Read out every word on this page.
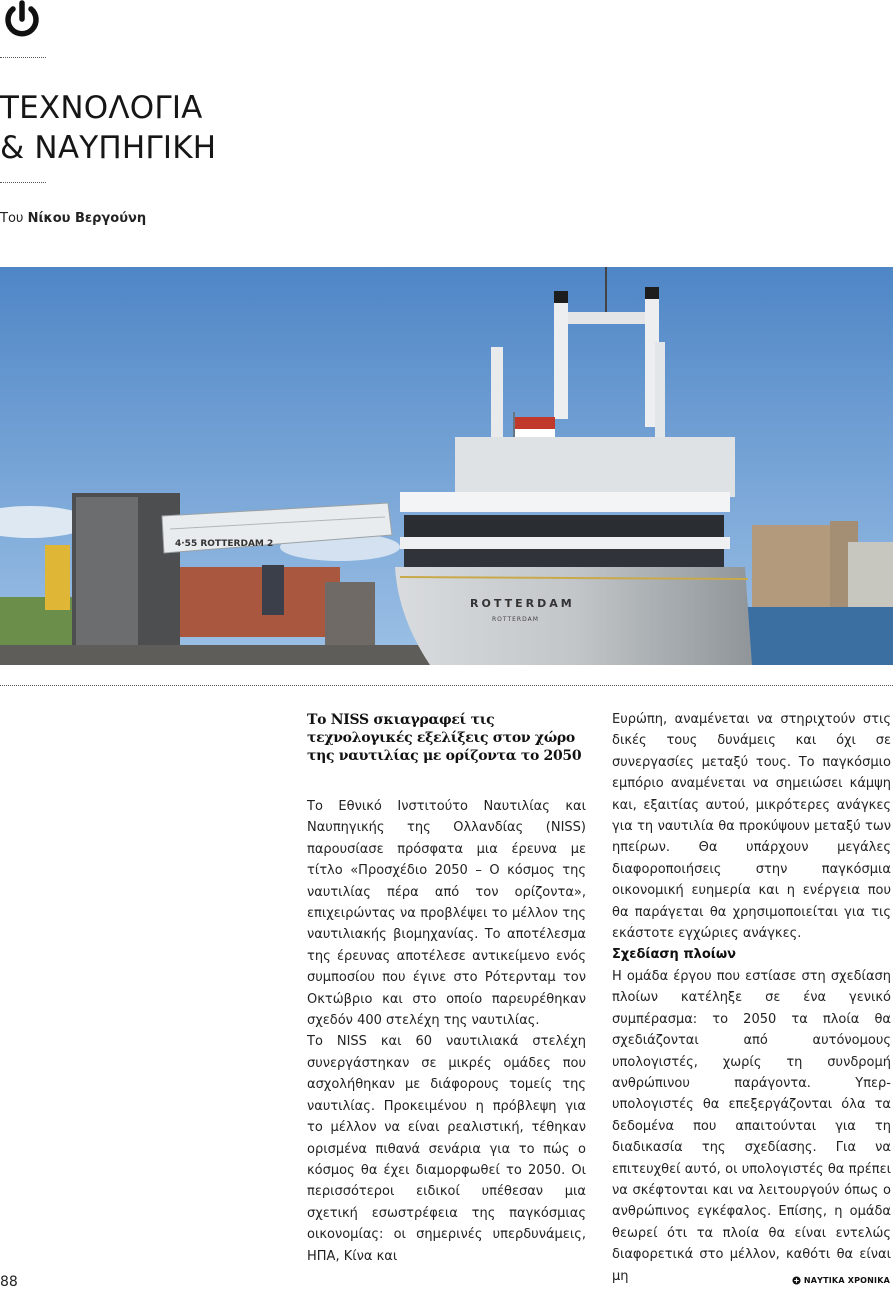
ΤΕΧΝΟΛΟΓΙΑ
& ΝΑΥΠΗΓΙΚΗ
Του Νίκου Βεργούνη
4·55 ROTTERDAM 2
ROTTERDAM
ROTTERDAM
Το NISS σκιαγραφεί τις τεχνολογικές εξελίξεις στον χώρο της ναυτιλίας με ορίζοντα το 2050

Το Εθνικό Ινστιτούτο Ναυτιλίας και Ναυπηγικής της Ολλανδίας (NISS) παρουσίασε πρόσφατα μια έρευνα με τίτλο «Προσχέδιο 2050 – Ο κόσμος της ναυτιλίας πέρα από τον ορίζοντα», επιχειρώντας να προβλέψει το μέλλον της ναυτιλιακής βιομηχανίας. Το αποτέλεσμα της έρευνας αποτέλεσε αντικείμενο ενός συμποσίου που έγινε στο Ρότερνταμ τον Οκτώβριο και στο οποίο παρευρέθηκαν σχεδόν 400 στελέχη της ναυτιλίας.

Το NISS και 60 ναυτιλιακά στελέχη συνεργάστηκαν σε μικρές ομάδες που ασχολήθηκαν με διάφορους τομείς της ναυτιλίας. Προκειμένου η πρόβλεψη για το μέλλον να είναι ρεαλιστική, τέθηκαν ορισμένα πιθανά σενάρια για το πώς ο κόσμος θα έχει διαμορφωθεί το 2050. Οι περισσότεροι ειδικοί υπέθεσαν μια σχετική εσωστρέφεια της παγκόσμιας οικονομίας: οι σημερινές υπερδυνάμεις, ΗΠΑ, Κίνα και

Ευρώπη, αναμένεται να στηριχτούν στις δικές τους δυνάμεις και όχι σε συνεργασίες μεταξύ τους. Το παγκόσμιο εμπόριο αναμένεται να σημειώσει κάμψη και, εξαιτίας αυτού, μικρότερες ανάγκες για τη ναυτιλία θα προκύψουν μεταξύ των ηπείρων. Θα υπάρχουν μεγάλες διαφοροποιήσεις στην παγκόσμια οικονομική ευημερία και η ενέργεια που θα παράγεται θα χρησιμοποιείται για τις εκάστοτε εγχώριες ανάγκες.

Σχεδίαση πλοίων

Η ομάδα έργου που εστίασε στη σχεδίαση πλοίων κατέληξε σε ένα γενικό συμπέρασμα: το 2050 τα πλοία θα σχεδιάζονται από αυτόνομους υπολογιστές, χωρίς τη συνδρομή ανθρώπινου παράγοντα. Υπερ-υπολογιστές θα επεξεργάζονται όλα τα δεδομένα που απαιτούνται για τη διαδικασία της σχεδίασης. Για να επιτευχθεί αυτό, οι υπολογιστές θα πρέπει να σκέφτονται και να λειτουργούν όπως ο ανθρώπινος εγκέφαλος. Επίσης, η ομάδα θεωρεί ότι τα πλοία θα είναι εντελώς διαφορετικά στο μέλλον, καθότι θα είναι μη

88	ΝΑΥΤΙΚΑ ΧΡΟΝΙΚΑ
